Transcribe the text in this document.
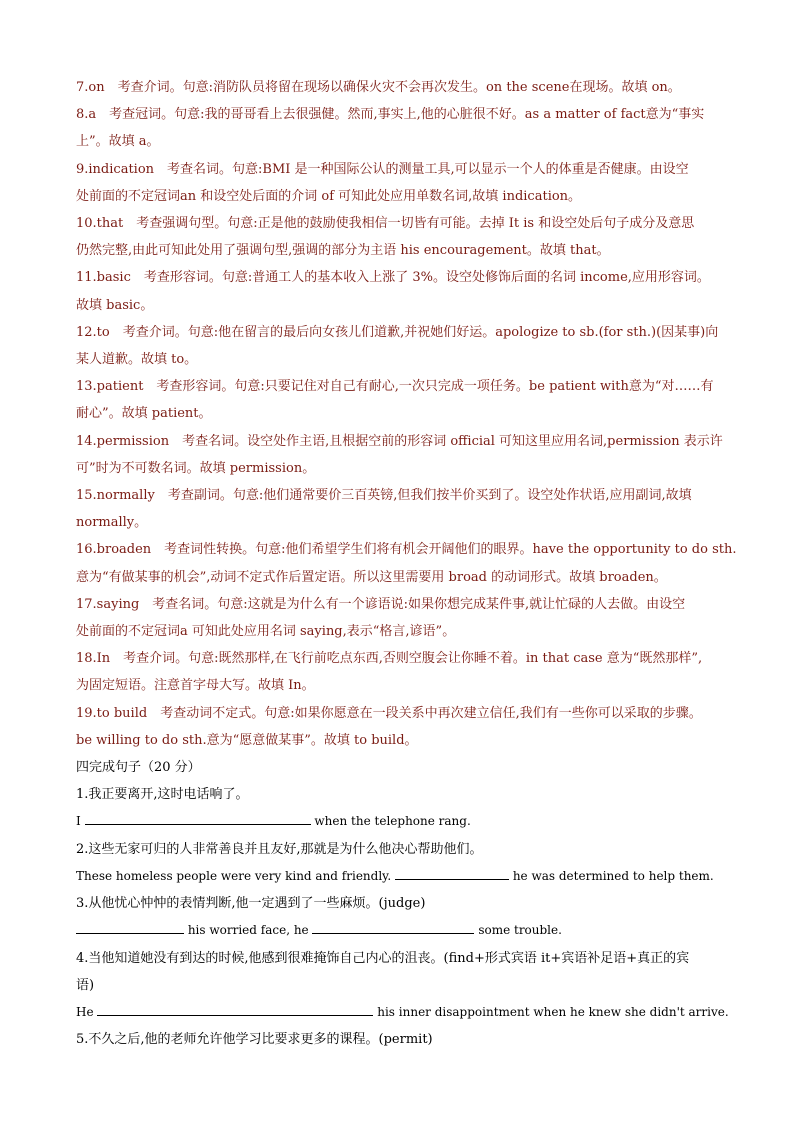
7.on　考查介词。句意:消防队员将留在现场以确保火灾不会再次发生。on the scene在现场。故填 on。
8.a　考查冠词。句意:我的哥哥看上去很强健。然而,事实上,他的心脏很不好。as a matter of fact意为“事实
上”。故填 a。
9.indication　考查名词。句意:BMI 是一种国际公认的测量工具,可以显示一个人的体重是否健康。由设空
处前面的不定冠词an 和设空处后面的介词 of 可知此处应用单数名词,故填 indication。
10.that　考查强调句型。句意:正是他的鼓励使我相信一切皆有可能。去掉 It is 和设空处后句子成分及意思
仍然完整,由此可知此处用了强调句型,强调的部分为主语 his encouragement。故填 that。
11.basic　考查形容词。句意:普通工人的基本收入上涨了 3%。设空处修饰后面的名词 income,应用形容词。
故填 basic。
12.to　考查介词。句意:他在留言的最后向女孩儿们道歉,并祝她们好运。apologize to sb.(for sth.)(因某事)向
某人道歉。故填 to。
13.patient　考查形容词。句意:只要记住对自己有耐心,一次只完成一项任务。be patient with意为“对……有
耐心”。故填 patient。
14.permission　考查名词。设空处作主语,且根据空前的形容词 official 可知这里应用名词,permission 表示许
可”时为不可数名词。故填 permission。
15.normally　考查副词。句意:他们通常要价三百英镑,但我们按半价买到了。设空处作状语,应用副词,故填
normally。
16.broaden　考查词性转换。句意:他们希望学生们将有机会开阔他们的眼界。have the opportunity to do sth.
意为“有做某事的机会”,动词不定式作后置定语。所以这里需要用 broad 的动词形式。故填 broaden。
17.saying　考查名词。句意:这就是为什么有一个谚语说:如果你想完成某件事,就让忙碌的人去做。由设空
处前面的不定冠词a 可知此处应用名词 saying,表示“格言,谚语”。
18.In　考查介词。句意:既然那样,在飞行前吃点东西,否则空腹会让你睡不着。in that case 意为“既然那样”,
为固定短语。注意首字母大写。故填 In。
19.to build　考查动词不定式。句意:如果你愿意在一段关系中再次建立信任,我们有一些你可以采取的步骤。
be willing to do sth.意为“愿意做某事”。故填 to build。
四完成句子（20 分）
1.我正要离开,这时电话响了。
I	when the telephone rang.
2.这些无家可归的人非常善良并且友好,那就是为什么他决心帮助他们。
These homeless people were very kind and friendly.	he was determined to help them.
3.从他忧心忡忡的表情判断,他一定遇到了一些麻烦。(judge)
his worried face, he	some trouble.
4.当他知道她没有到达的时候,他感到很难掩饰自己内心的沮丧。(find+形式宾语 it+宾语补足语+真正的宾
语)
He	his inner disappointment when he knew she didn't arrive.
5.不久之后,他的老师允许他学习比要求更多的课程。(permit)
